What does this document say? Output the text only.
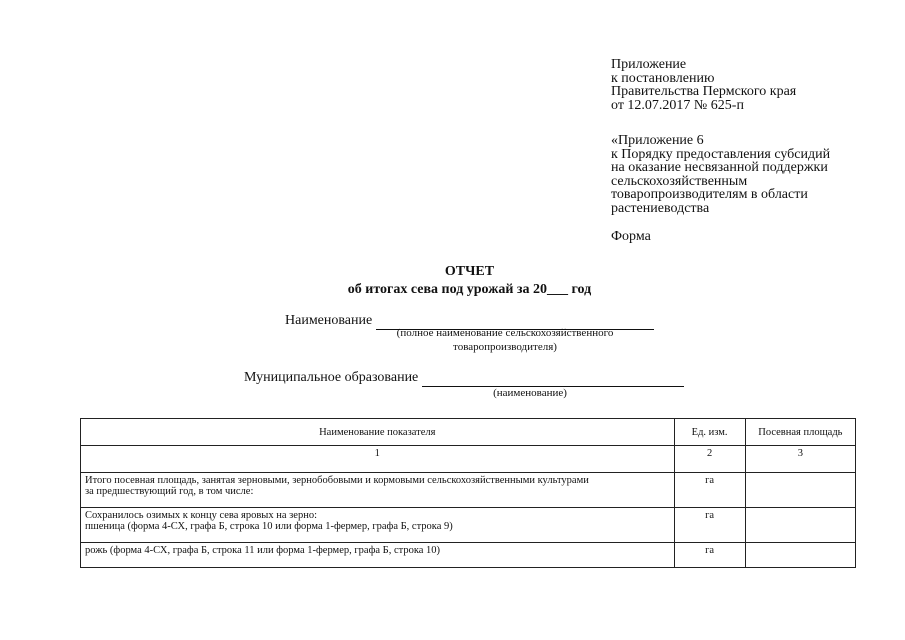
Приложение
к постановлению
Правительства Пермского края
от 12.07.2017 № 625-п
«Приложение 6
к Порядку предоставления субсидий
на оказание несвязанной поддержки
сельскохозяйственным
товаропроизводителям в области
растениеводства
Форма
ОТЧЕТ
об итогах сева под урожай за 20___ год
Наименование
(полное наименование сельскохозяйственного
товаропроизводителя)
Муниципальное образование
(наименование)
Наименование показателя	Ед. изм.	Посевная площадь
1	2	3

Итого посевная площадь, занятая зерновыми, зернобобовыми и кормовыми сельскохозяйственными культурами
за предшествующий год, в том числе:	га	

Сохранилось озимых к концу сева яровых на зерно:
пшеница (форма 4-СХ, графа Б, строка 10 или форма 1-фермер, графа Б, строка 9)	га	

рожь (форма 4-СХ, графа Б, строка 11 или форма 1-фермер, графа Б, строка 10)	га	
